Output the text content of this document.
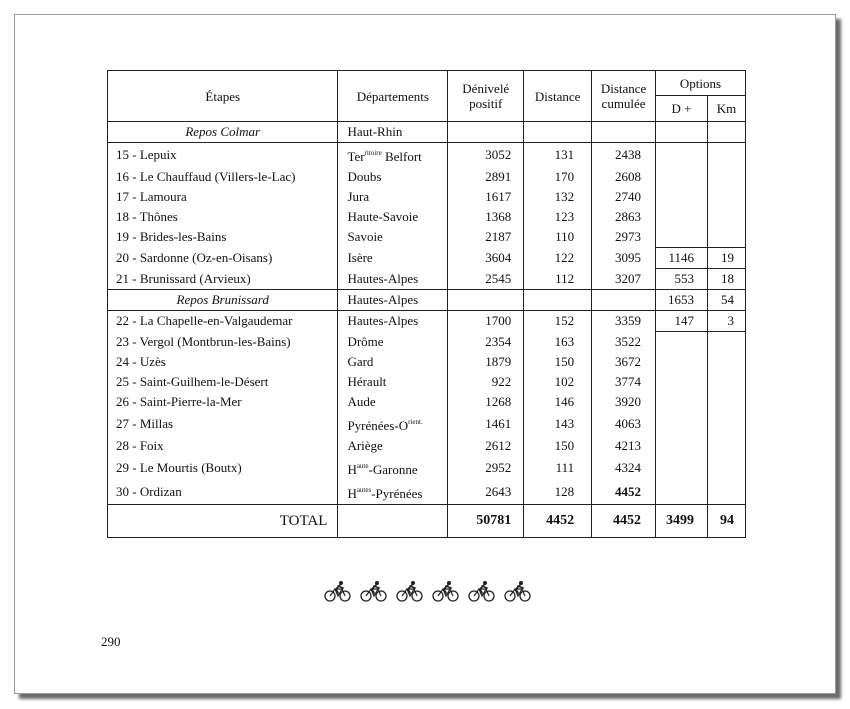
Étapes	Départements	Dénivelé positif	Distance	Distance cumulée	Options	
					D +	Km
Repos Colmar	Haut-Rhin					
15 - Lepuix	Ter$^{ritoire}$ Belfort	3052	131	2438		
16 - Le Chauffaud (Villers-le-Lac)	Doubs	2891	170	2608		
17 - Lamoura	Jura	1617	132	2740		
18 - Thônes	Haute-Savoie	1368	123	2863		
19 - Brides-les-Bains	Savoie	2187	110	2973		
20 - Sardonne (Oz-en-Oisans)	Isère	3604	122	3095	1146	19
21 - Brunissard (Arvieux)	Hautes-Alpes	2545	112	3207	553	18
Repos Brunissard	Hautes-Alpes				1653	54
22 - La Chapelle-en-Valgaudemar	Hautes-Alpes	1700	152	3359	147	3
23 - Vergol (Montbrun-les-Bains)	Drôme	2354	163	3522		
24 - Uzès	Gard	1879	150	3672		
25 - Saint-Guilhem-le-Désert	Hérault	922	102	3774		
26 - Saint-Pierre-la-Mer	Aude	1268	146	3920		
27 - Millas	Pyrénées-$O^{rient.}$	1461	143	4063		
28 - Foix	Ariège	2612	150	4213		
29 - Le Mourtis (Boutx)	$H^{aute}$-Garonne	2952	111	4324		
30 - Ordizan	$H^{autes}$-Pyrénées	2643	128	4452		
TOTAL		50781	4452	4452	3499	94
290
